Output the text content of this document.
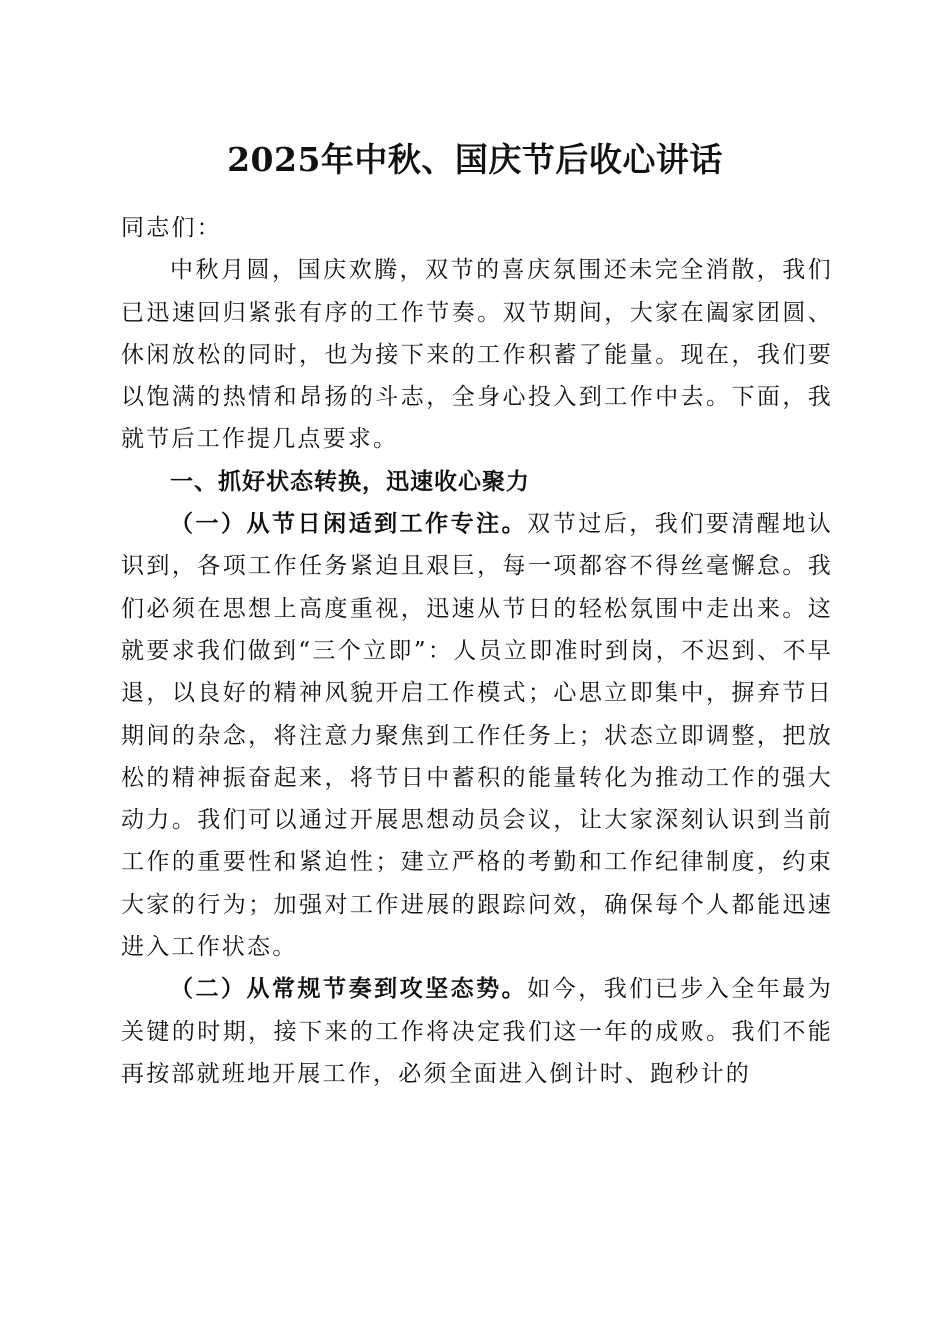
2025年中秋、国庆节后收心讲话

同志们：

中秋月圆，国庆欢腾，双节的喜庆氛围还未完全消散，我们已迅速回归紧张有序的工作节奏。双节期间，大家在阖家团圆、休闲放松的同时，也为接下来的工作积蓄了能量。现在，我们要以饱满的热情和昂扬的斗志，全身心投入到工作中去。下面，我就节后工作提几点要求。

一、抓好状态转换，迅速收心聚力

（一）从节日闲适到工作专注。双节过后，我们要清醒地认识到，各项工作任务紧迫且艰巨，每一项都容不得丝毫懈怠。我们必须在思想上高度重视，迅速从节日的轻松氛围中走出来。这就要求我们做到“三个立即”：人员立即准时到岗，不迟到、不早退，以良好的精神风貌开启工作模式；心思立即集中，摒弃节日期间的杂念，将注意力聚焦到工作任务上；状态立即调整，把放松的精神振奋起来，将节日中蓄积的能量转化为推动工作的强大动力。我们可以通过开展思想动员会议，让大家深刻认识到当前工作的重要性和紧迫性；建立严格的考勤和工作纪律制度，约束大家的行为；加强对工作进展的跟踪问效，确保每个人都能迅速进入工作状态。

（二）从常规节奏到攻坚态势。如今，我们已步入全年最为关键的时期，接下来的工作将决定我们这一年的成败。我们不能再按部就班地开展工作，必须全面进入倒计时、跑秒计的
